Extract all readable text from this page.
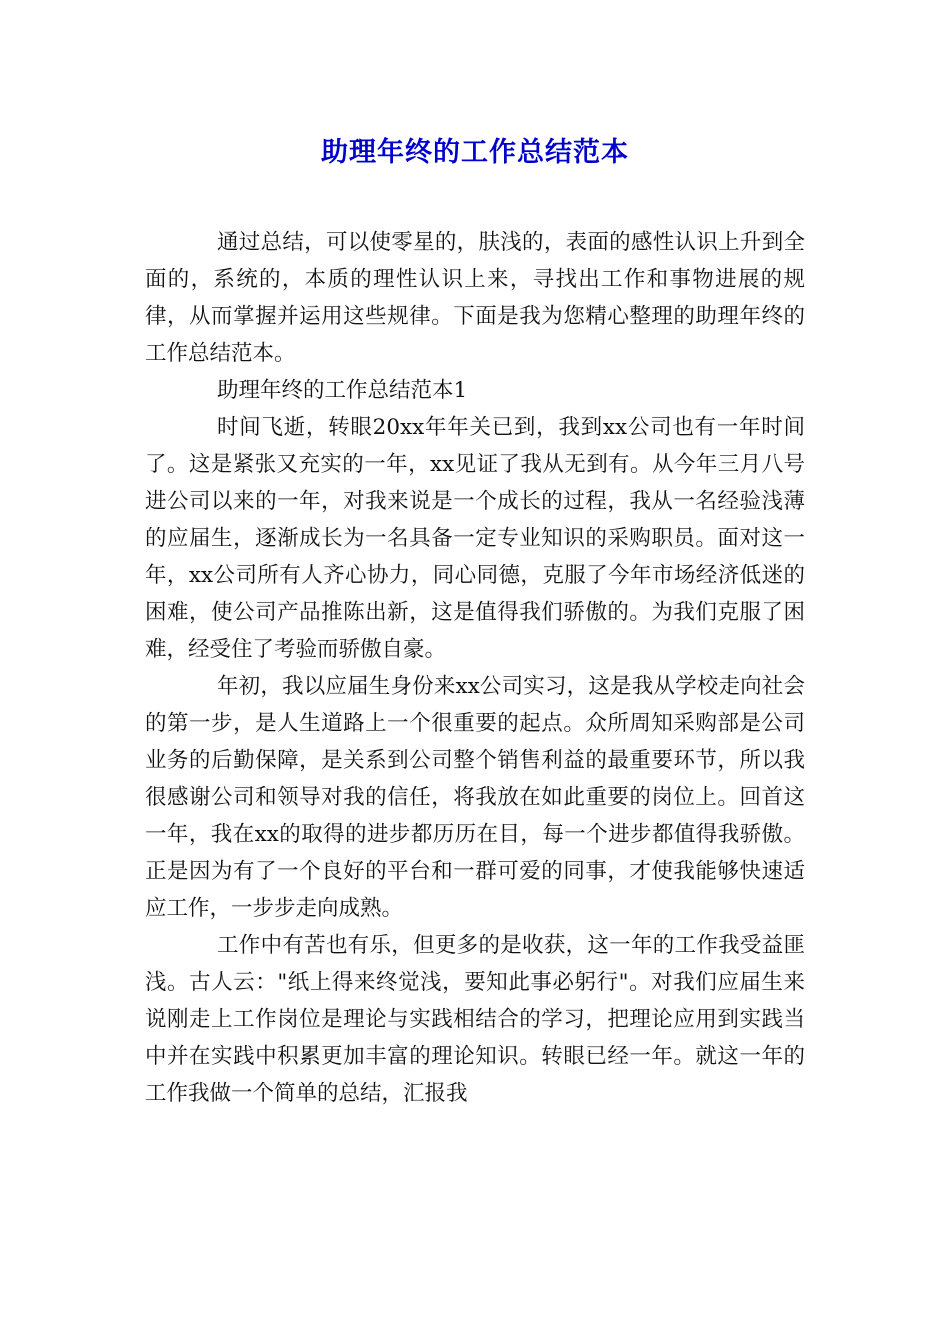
助理年终的工作总结范本

通过总结，可以使零星的，肤浅的，表面的感性认识上升到全面的，系统的，本质的理性认识上来，寻找出工作和事物进展的规律，从而掌握并运用这些规律。下面是我为您精心整理的助理年终的工作总结范本。

助理年终的工作总结范本1

时间飞逝，转眼20xx年年关已到，我到xx公司也有一年时间了。这是紧张又充实的一年，xx见证了我从无到有。从今年三月八号进公司以来的一年，对我来说是一个成长的过程，我从一名经验浅薄的应届生，逐渐成长为一名具备一定专业知识的采购职员。面对这一年，xx公司所有人齐心协力，同心同德，克服了今年市场经济低迷的困难，使公司产品推陈出新，这是值得我们骄傲的。为我们克服了困难，经受住了考验而骄傲自豪。

年初，我以应届生身份来xx公司实习，这是我从学校走向社会的第一步，是人生道路上一个很重要的起点。众所周知采购部是公司业务的后勤保障，是关系到公司整个销售利益的最重要环节，所以我很感谢公司和领导对我的信任，将我放在如此重要的岗位上。回首这一年，我在xx的取得的进步都历历在目，每一个进步都值得我骄傲。正是因为有了一个良好的平台和一群可爱的同事，才使我能够快速适应工作，一步步走向成熟。

工作中有苦也有乐，但更多的是收获，这一年的工作我受益匪浅。古人云："纸上得来终觉浅，要知此事必躬行"。对我们应届生来说刚走上工作岗位是理论与实践相结合的学习，把理论应用到实践当中并在实践中积累更加丰富的理论知识。转眼已经一年。就这一年的工作我做一个简单的总结，汇报我
